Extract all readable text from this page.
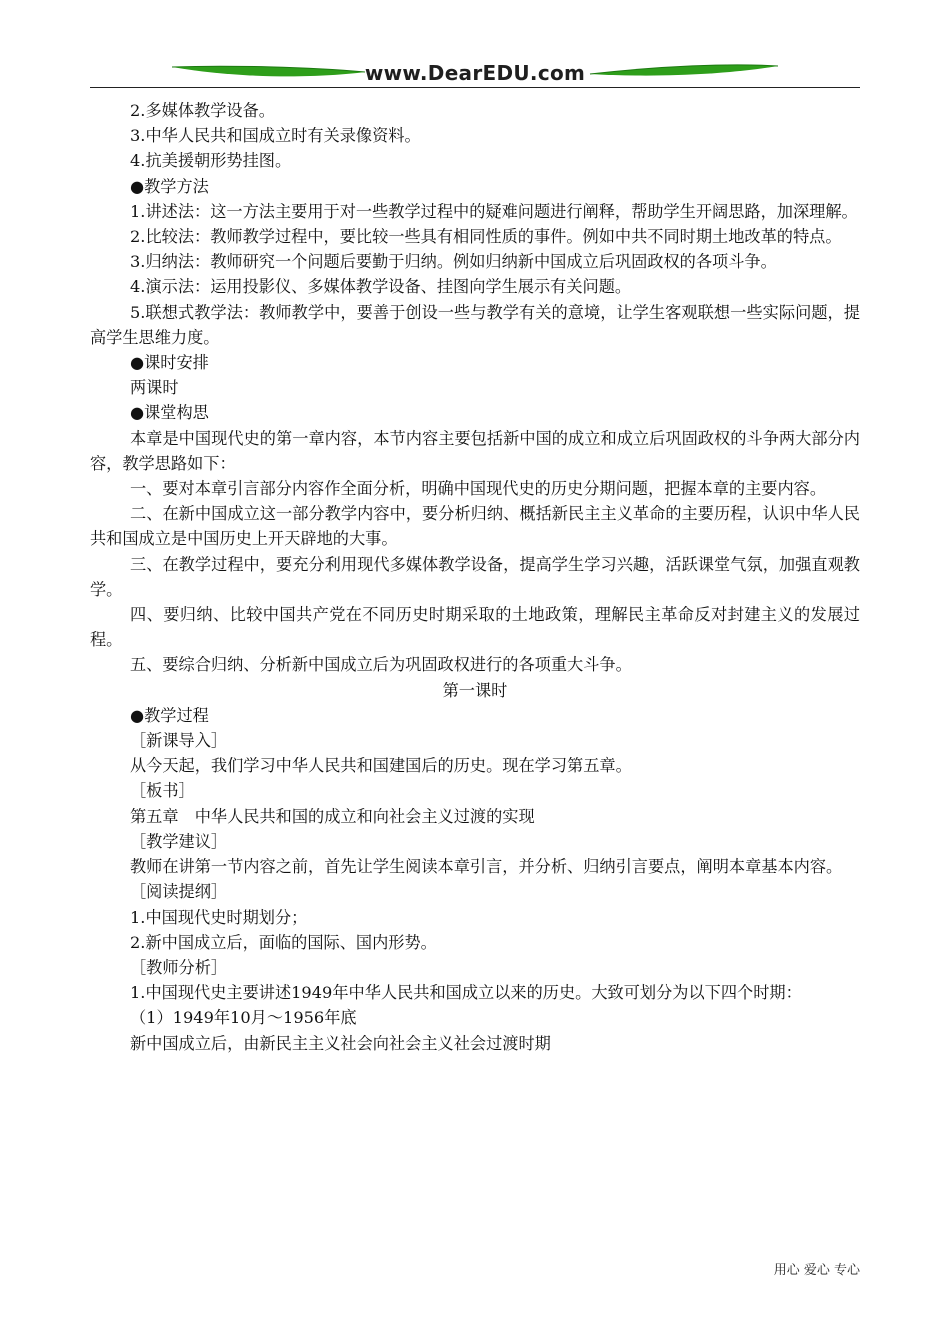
www.DearEDU.com

2.多媒体教学设备。

3.中华人民共和国成立时有关录像资料。

4.抗美援朝形势挂图。

●教学方法

1.讲述法：这一方法主要用于对一些教学过程中的疑难问题进行阐释，帮助学生开阔思路，加深理解。

2.比较法：教师教学过程中，要比较一些具有相同性质的事件。例如中共不同时期土地改革的特点。

3.归纳法：教师研究一个问题后要勤于归纳。例如归纳新中国成立后巩固政权的各项斗争。

4.演示法：运用投影仪、多媒体教学设备、挂图向学生展示有关问题。

5.联想式教学法：教师教学中，要善于创设一些与教学有关的意境，让学生客观联想一些实际问题，提高学生思维力度。

●课时安排

两课时

●课堂构思

本章是中国现代史的第一章内容，本节内容主要包括新中国的成立和成立后巩固政权的斗争两大部分内容，教学思路如下：

一、要对本章引言部分内容作全面分析，明确中国现代史的历史分期问题，把握本章的主要内容。

二、在新中国成立这一部分教学内容中，要分析归纳、概括新民主主义革命的主要历程，认识中华人民共和国成立是中国历史上开天辟地的大事。

三、在教学过程中，要充分利用现代多媒体教学设备，提高学生学习兴趣，活跃课堂气氛，加强直观教学。

四、要归纳、比较中国共产党在不同历史时期采取的土地政策，理解民主革命反对封建主义的发展过程。

五、要综合归纳、分析新中国成立后为巩固政权进行的各项重大斗争。

第一课时

●教学过程

［新课导入］

从今天起，我们学习中华人民共和国建国后的历史。现在学习第五章。

［板书］

第五章　中华人民共和国的成立和向社会主义过渡的实现

［教学建议］

教师在讲第一节内容之前，首先让学生阅读本章引言，并分析、归纳引言要点，阐明本章基本内容。

［阅读提纲］

1.中国现代史时期划分；

2.新中国成立后，面临的国际、国内形势。

［教师分析］

1.中国现代史主要讲述1949年中华人民共和国成立以来的历史。大致可划分为以下四个时期：

（1）1949年10月～1956年底

新中国成立后，由新民主主义社会向社会主义社会过渡时期

用心 爱心 专心
